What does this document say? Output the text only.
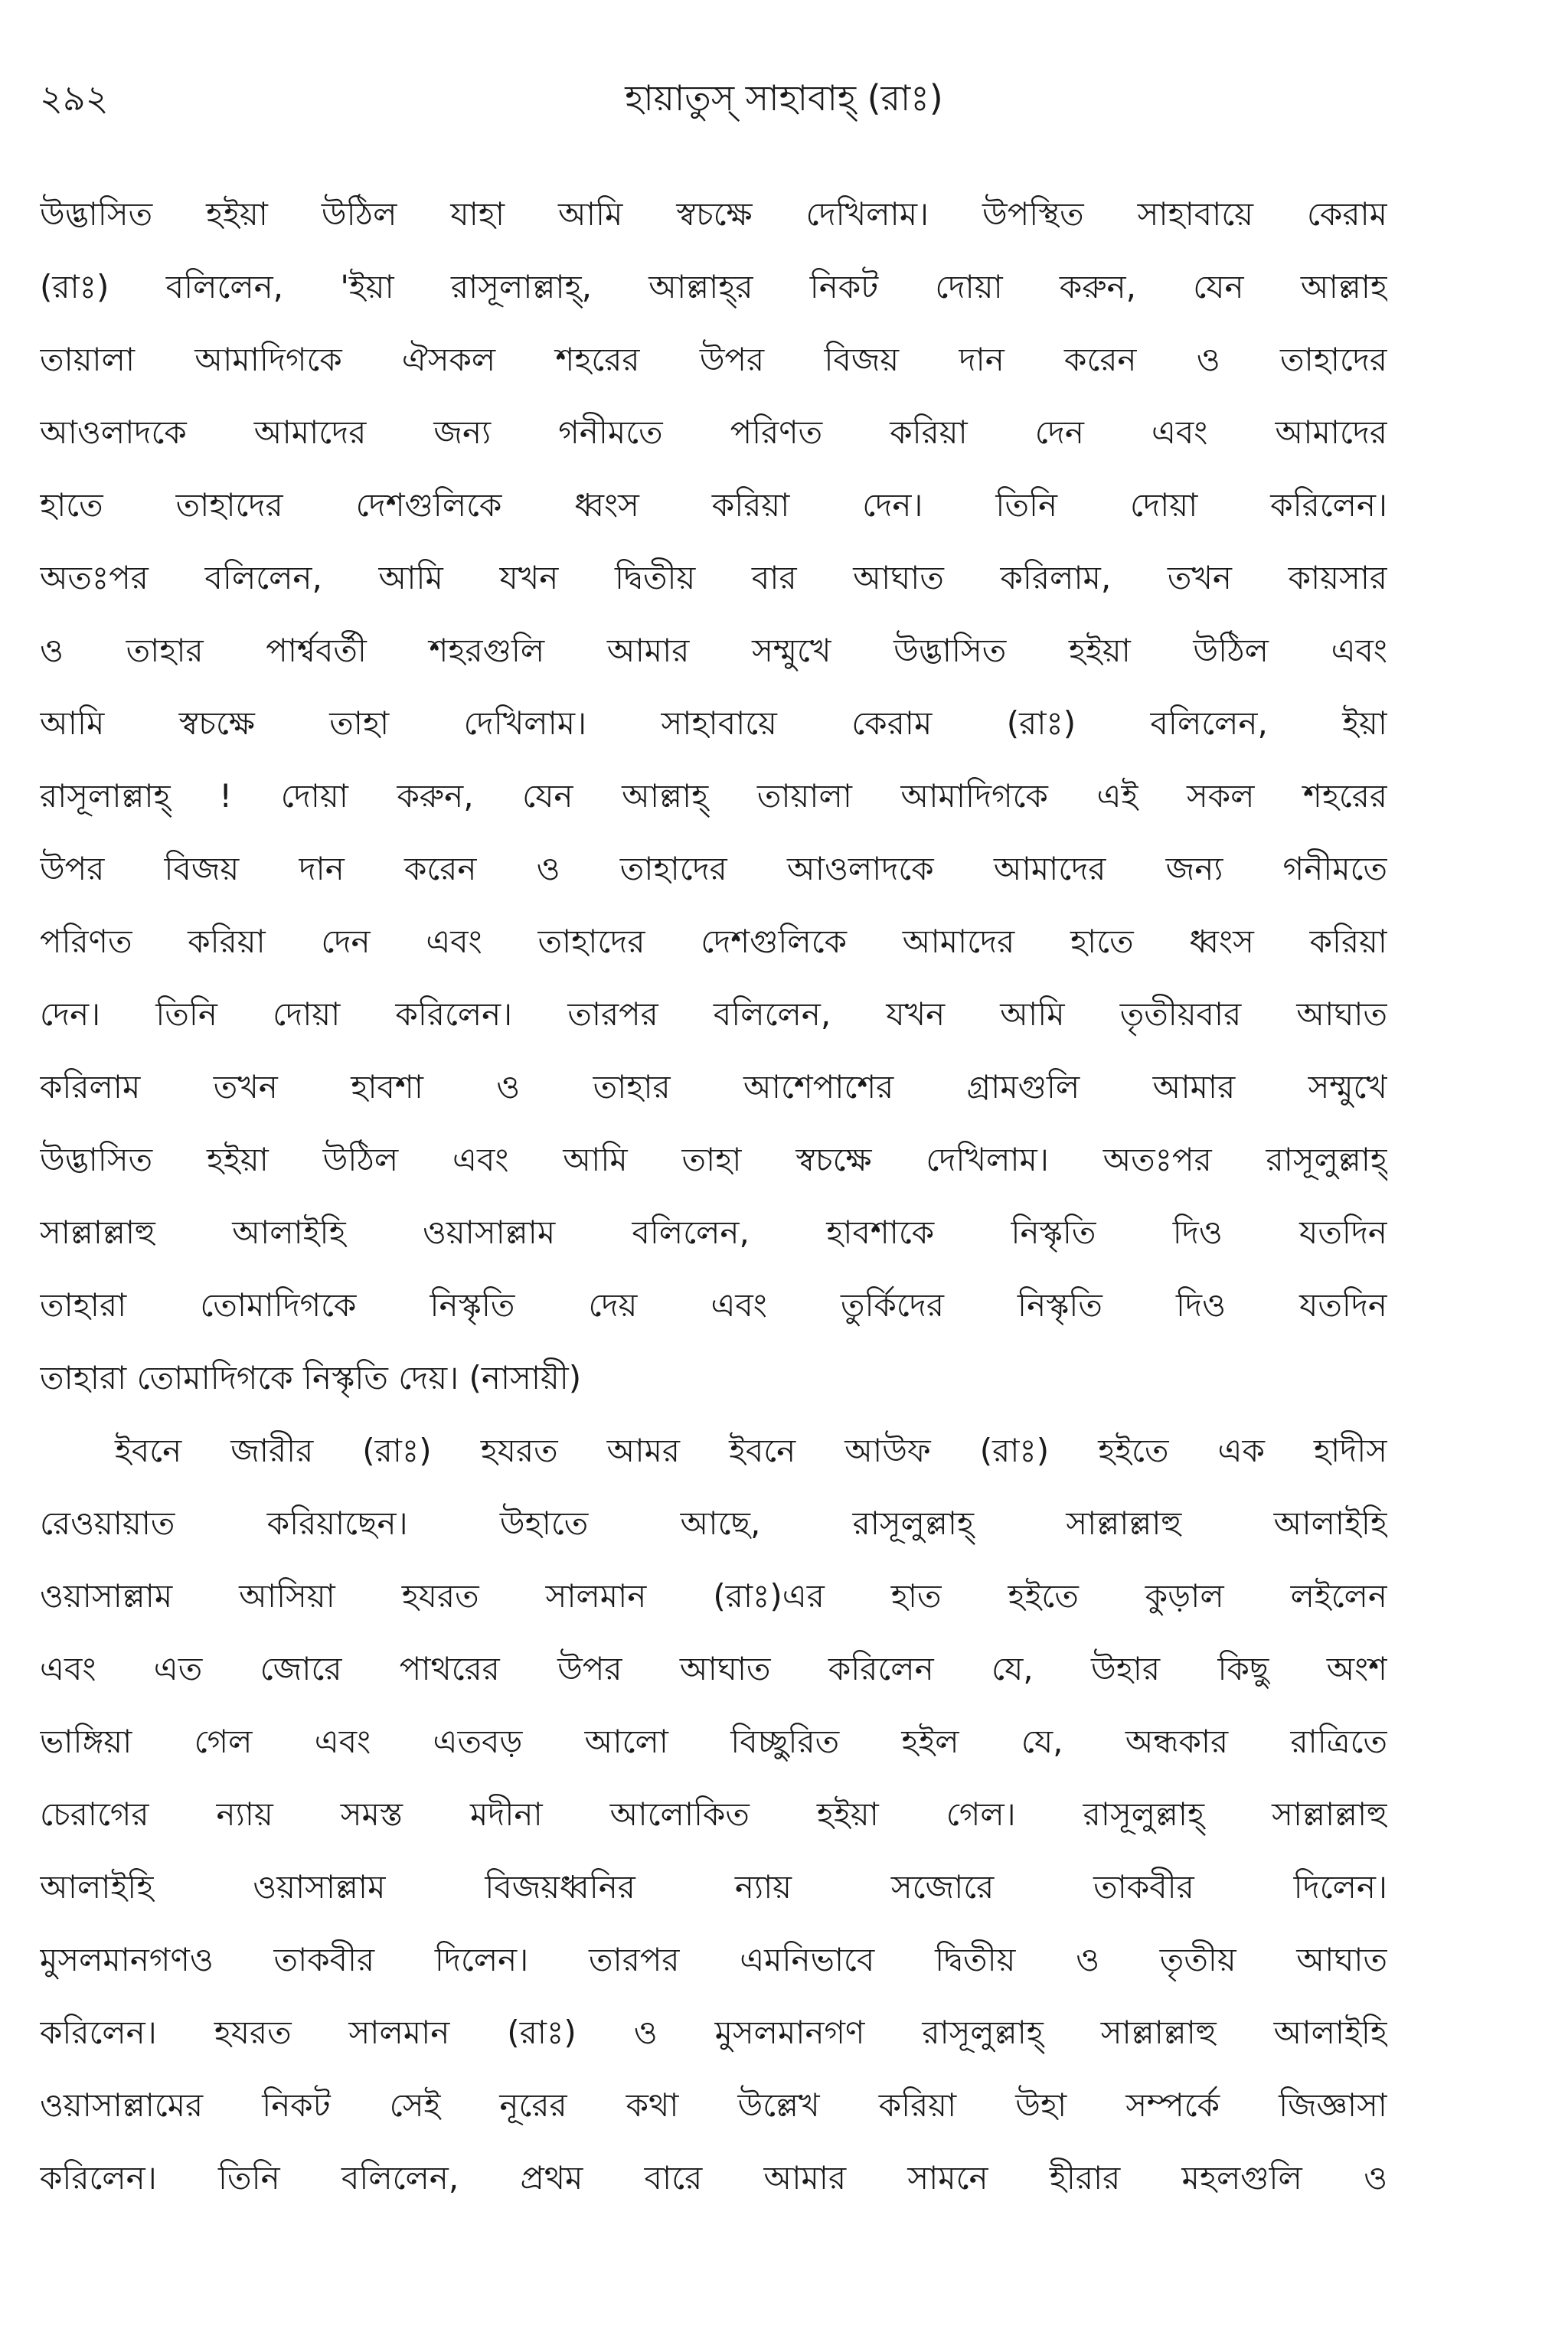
২৯২	হায়াতুস্ সাহাবাহ্ (রাঃ)
উদ্ভাসিত হইয়া উঠিল যাহা আমি স্বচক্ষে দেখিলাম। উপস্থিত সাহাবায়ে কেরাম
(রাঃ) বলিলেন, 'ইয়া রাসূলাল্লাহ্, আল্লাহ্‌র নিকট দোয়া করুন, যেন আল্লাহ
তায়ালা আমাদিগকে ঐসকল শহরের উপর বিজয় দান করেন ও তাহাদের
আওলাদকে আমাদের জন্য গনীমতে পরিণত করিয়া দেন এবং আমাদের
হাতে তাহাদের দেশগুলিকে ধ্বংস করিয়া দেন। তিনি দোয়া করিলেন।
অতঃপর বলিলেন, আমি যখন দ্বিতীয় বার আঘাত করিলাম, তখন কায়সার
ও তাহার পার্শ্ববর্তী শহরগুলি আমার সম্মুখে উদ্ভাসিত হইয়া উঠিল এবং
আমি স্বচক্ষে তাহা দেখিলাম। সাহাবায়ে কেরাম (রাঃ) বলিলেন, ইয়া
রাসূলাল্লাহ্ ! দোয়া করুন, যেন আল্লাহ্ তায়ালা আমাদিগকে এই সকল শহরের
উপর বিজয় দান করেন ও তাহাদের আওলাদকে আমাদের জন্য গনীমতে
পরিণত করিয়া দেন এবং তাহাদের দেশগুলিকে আমাদের হাতে ধ্বংস করিয়া
দেন। তিনি দোয়া করিলেন। তারপর বলিলেন, যখন আমি তৃতীয়বার আঘাত
করিলাম তখন হাবশা ও তাহার আশেপাশের গ্রামগুলি আমার সম্মুখে
উদ্ভাসিত হইয়া উঠিল এবং আমি তাহা স্বচক্ষে দেখিলাম। অতঃপর রাসূলুল্লাহ্
সাল্লাল্লাহু আলাইহি ওয়াসাল্লাম বলিলেন, হাবশাকে নিস্কৃতি দিও যতদিন
তাহারা তোমাদিগকে নিস্কৃতি দেয় এবং তুর্কিদের নিস্কৃতি দিও যতদিন
তাহারা তোমাদিগকে নিস্কৃতি দেয়। (নাসায়ী)
ইবনে জারীর (রাঃ) হযরত আমর ইবনে আউফ (রাঃ) হইতে এক হাদীস
রেওয়ায়াত করিয়াছেন। উহাতে আছে, রাসূলুল্লাহ্ সাল্লাল্লাহু আলাইহি
ওয়াসাল্লাম আসিয়া হযরত সালমান (রাঃ)এর হাত হইতে কুড়াল লইলেন
এবং এত জোরে পাথরের উপর আঘাত করিলেন যে, উহার কিছু অংশ
ভাঙ্গিয়া গেল এবং এতবড় আলো বিচ্ছুরিত হইল যে, অন্ধকার রাত্রিতে
চেরাগের ন্যায় সমস্ত মদীনা আলোকিত হইয়া গেল। রাসূলুল্লাহ্ সাল্লাল্লাহু
আলাইহি ওয়াসাল্লাম বিজয়ধ্বনির ন্যায় সজোরে তাকবীর দিলেন।
মুসলমানগণও তাকবীর দিলেন। তারপর এমনিভাবে দ্বিতীয় ও তৃতীয় আঘাত
করিলেন। হযরত সালমান (রাঃ) ও মুসলমানগণ রাসূলুল্লাহ্ সাল্লাল্লাহু আলাইহি
ওয়াসাল্লামের নিকট সেই নূরের কথা উল্লেখ করিয়া উহা সম্পর্কে জিজ্ঞাসা
করিলেন। তিনি বলিলেন, প্রথম বারে আমার সামনে হীরার মহলগুলি ও
